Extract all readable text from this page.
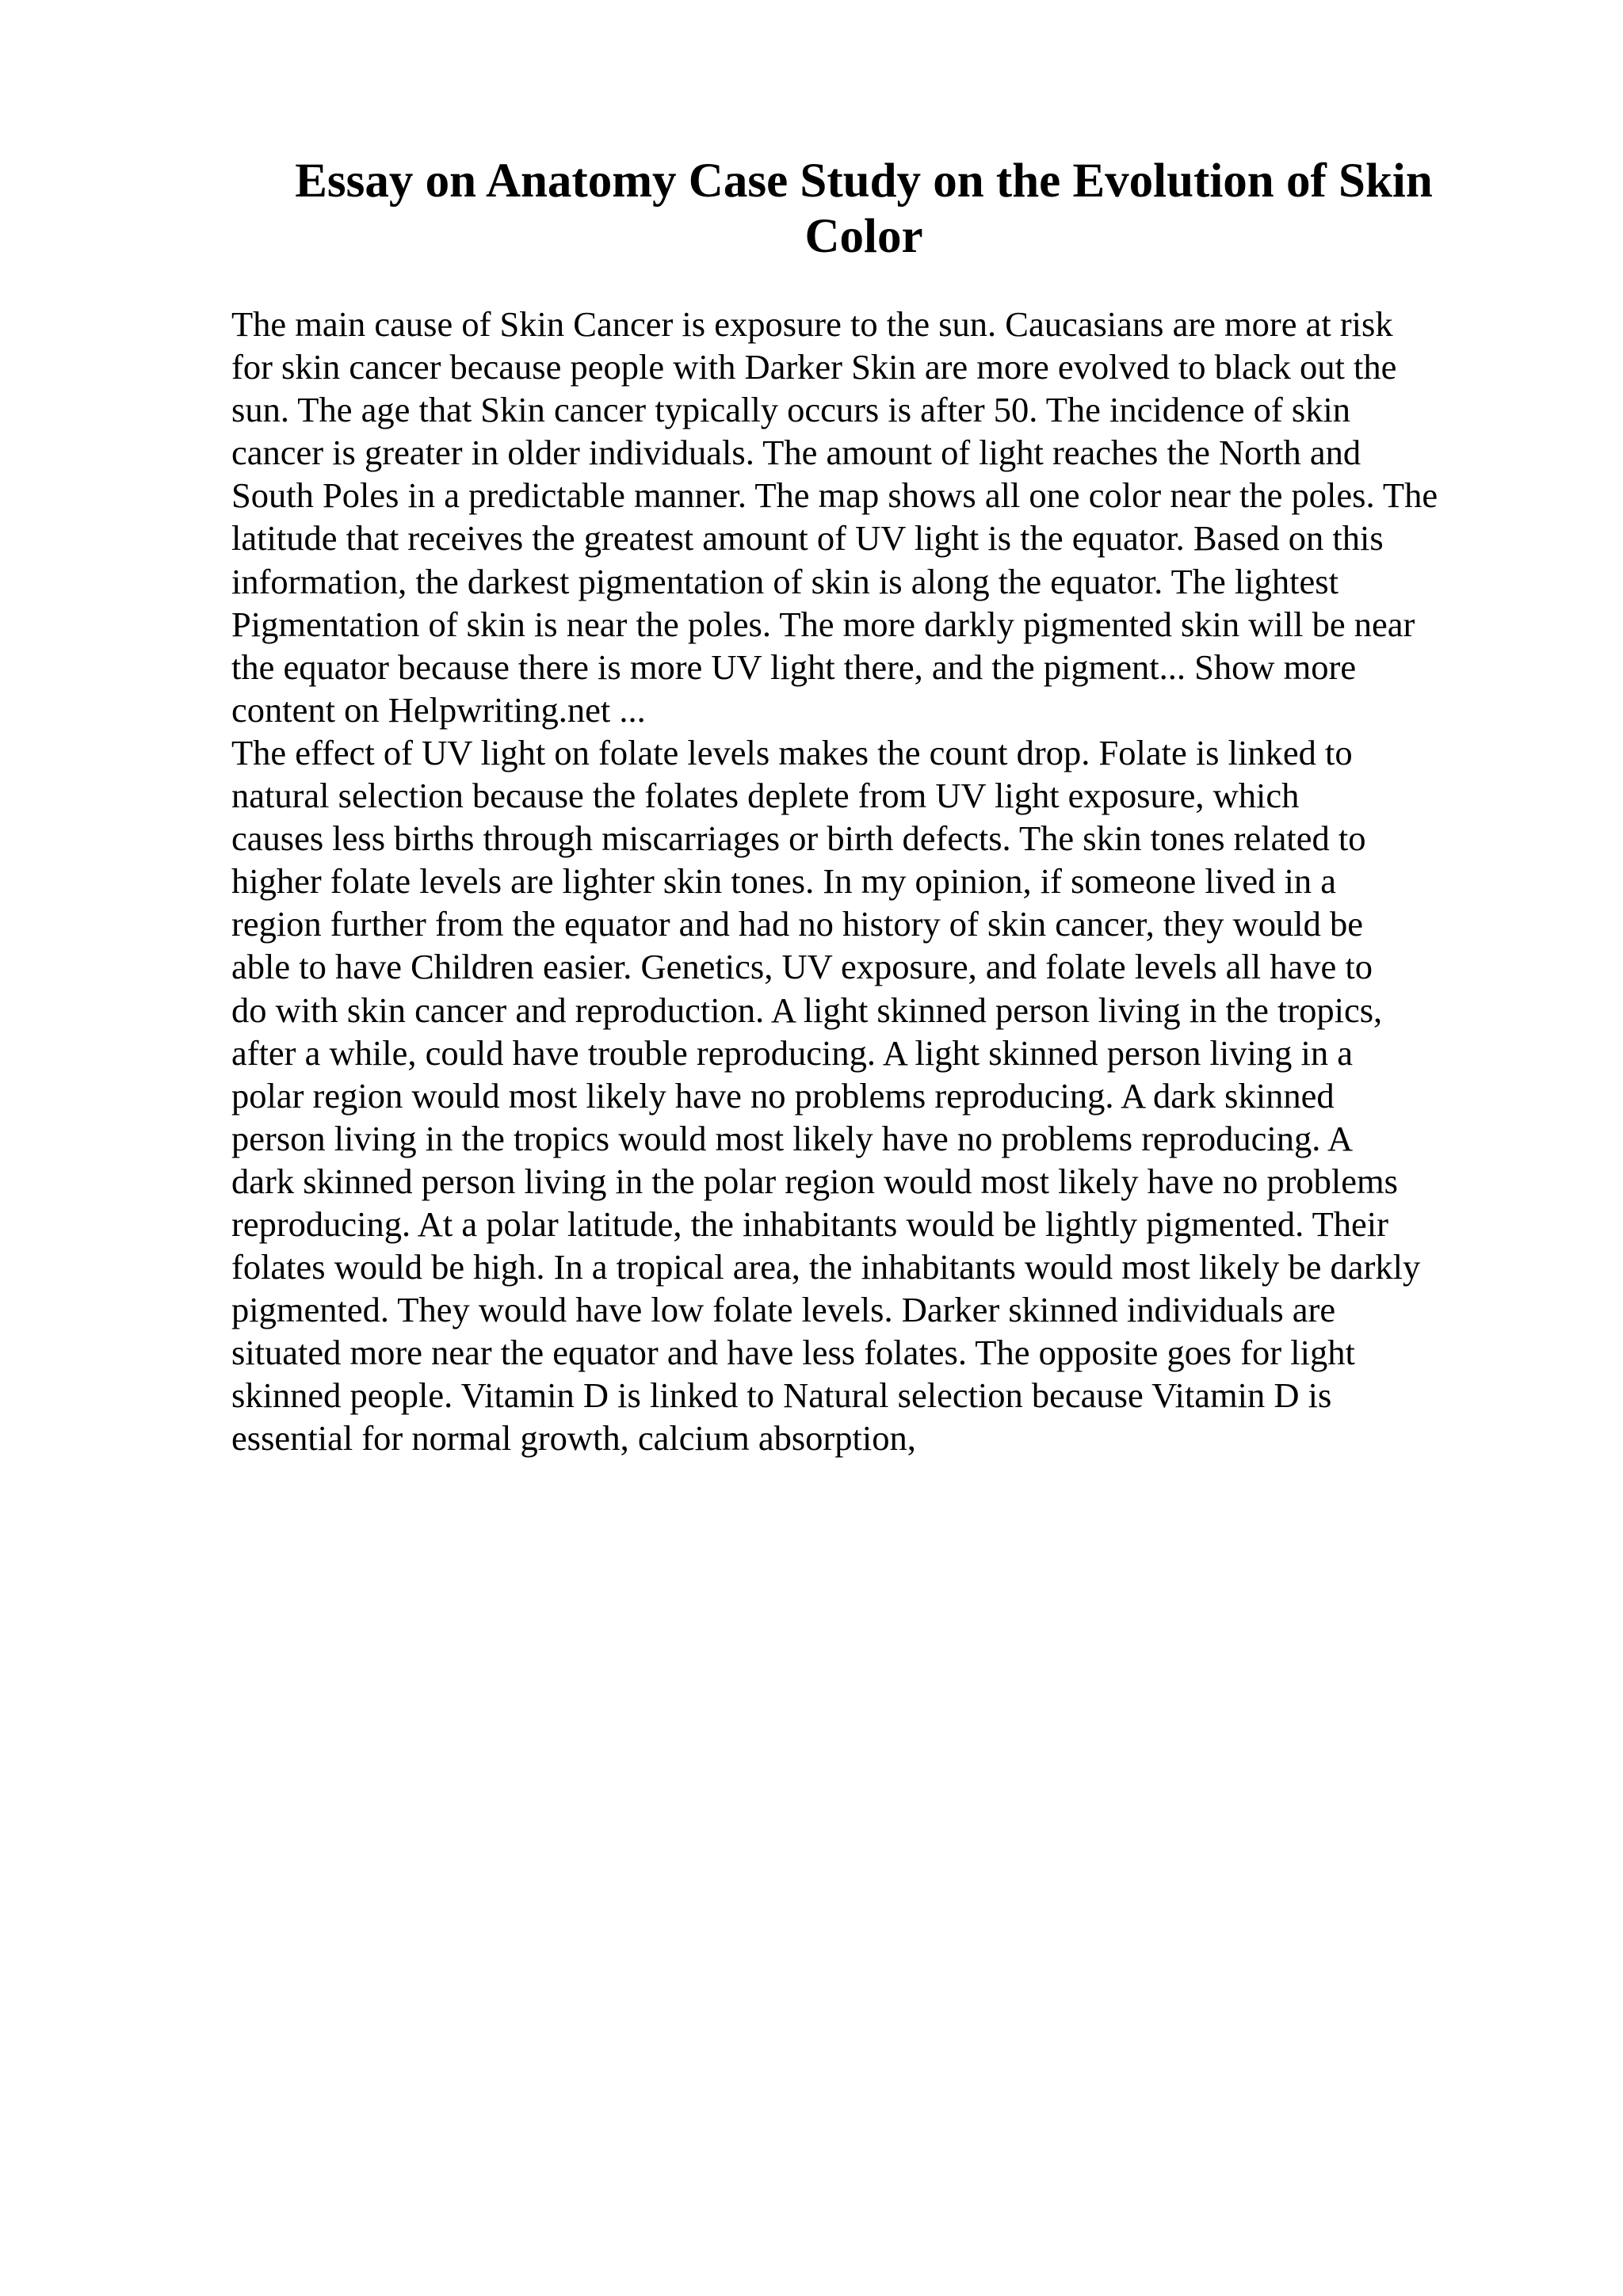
Essay on Anatomy Case Study on the Evolution of Skin
Color
The main cause of Skin Cancer is exposure to the sun. Caucasians are more at risk
for skin cancer because people with Darker Skin are more evolved to black out the
sun. The age that Skin cancer typically occurs is after 50. The incidence of skin
cancer is greater in older individuals. The amount of light reaches the North and
South Poles in a predictable manner. The map shows all one color near the poles. The
latitude that receives the greatest amount of UV light is the equator. Based on this
information, the darkest pigmentation of skin is along the equator. The lightest
Pigmentation of skin is near the poles. The more darkly pigmented skin will be near
the equator because there is more UV light there, and the pigment... Show more
content on Helpwriting.net ...
The effect of UV light on folate levels makes the count drop. Folate is linked to
natural selection because the folates deplete from UV light exposure, which
causes less births through miscarriages or birth defects. The skin tones related to
higher folate levels are lighter skin tones. In my opinion, if someone lived in a
region further from the equator and had no history of skin cancer, they would be
able to have Children easier. Genetics, UV exposure, and folate levels all have to
do with skin cancer and reproduction. A light skinned person living in the tropics,
after a while, could have trouble reproducing. A light skinned person living in a
polar region would most likely have no problems reproducing. A dark skinned
person living in the tropics would most likely have no problems reproducing. A
dark skinned person living in the polar region would most likely have no problems
reproducing. At a polar latitude, the inhabitants would be lightly pigmented. Their
folates would be high. In a tropical area, the inhabitants would most likely be darkly
pigmented. They would have low folate levels. Darker skinned individuals are
situated more near the equator and have less folates. The opposite goes for light
skinned people. Vitamin D is linked to Natural selection because Vitamin D is
essential for normal growth, calcium absorption,
